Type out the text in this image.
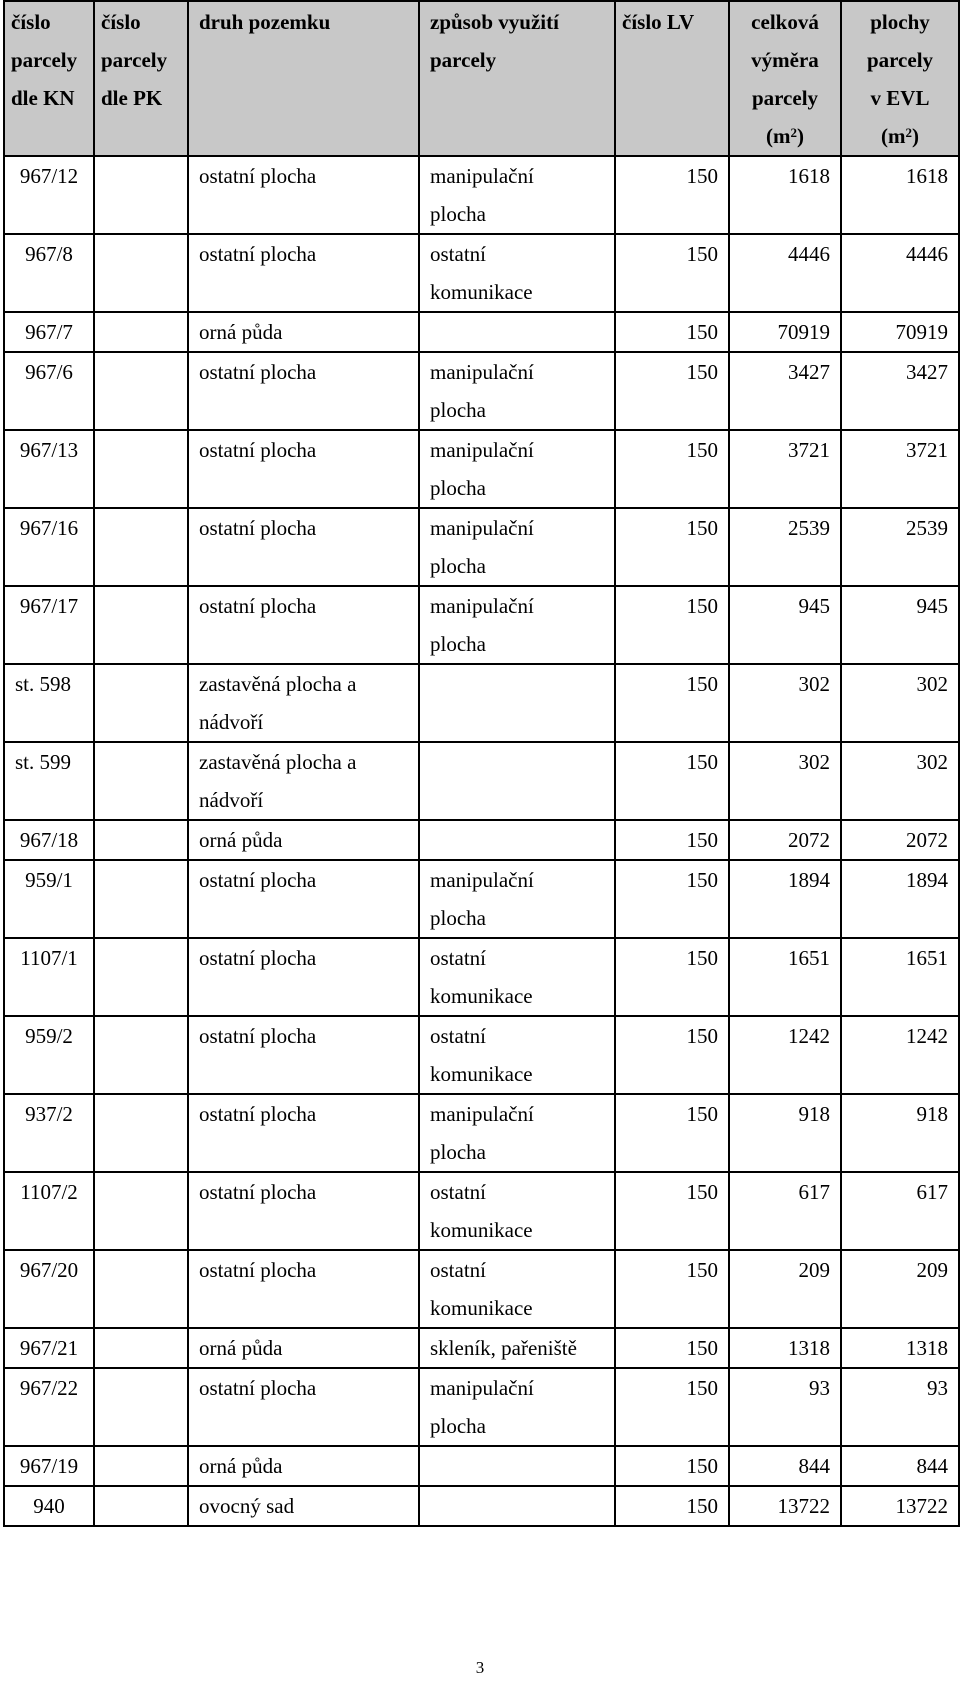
číslo
parcely
dle KN	číslo
parcely
dle PK	druh pozemku	způsob využití
parcely	číslo LV	celková
výměra
parcely
$(m^2)$	plochy
parcely
v EVL
$(m^2)$

967/12		ostatní plocha	manipulační
plocha	150	1618	1618
967/8		ostatní plocha	ostatní
komunikace	150	4446	4446
967/7		orná půda		150	70919	70919
967/6		ostatní plocha	manipulační
plocha	150	3427	3427
967/13		ostatní plocha	manipulační
plocha	150	3721	3721
967/16		ostatní plocha	manipulační
plocha	150	2539	2539
967/17		ostatní plocha	manipulační
plocha	150	945	945
st. 598		zastavěná plocha a
nádvoří		150	302	302
st. 599		zastavěná plocha a
nádvoří		150	302	302
967/18		orná půda		150	2072	2072
959/1		ostatní plocha	manipulační
plocha	150	1894	1894
1107/1		ostatní plocha	ostatní
komunikace	150	1651	1651
959/2		ostatní plocha	ostatní
komunikace	150	1242	1242
937/2		ostatní plocha	manipulační
plocha	150	918	918
1107/2		ostatní plocha	ostatní
komunikace	150	617	617
967/20		ostatní plocha	ostatní
komunikace	150	209	209
967/21		orná půda	skleník, pařeniště	150	1318	1318
967/22		ostatní plocha	manipulační
plocha	150	93	93
967/19		orná půda		150	844	844
940		ovocný sad		150	13722	13722
3
